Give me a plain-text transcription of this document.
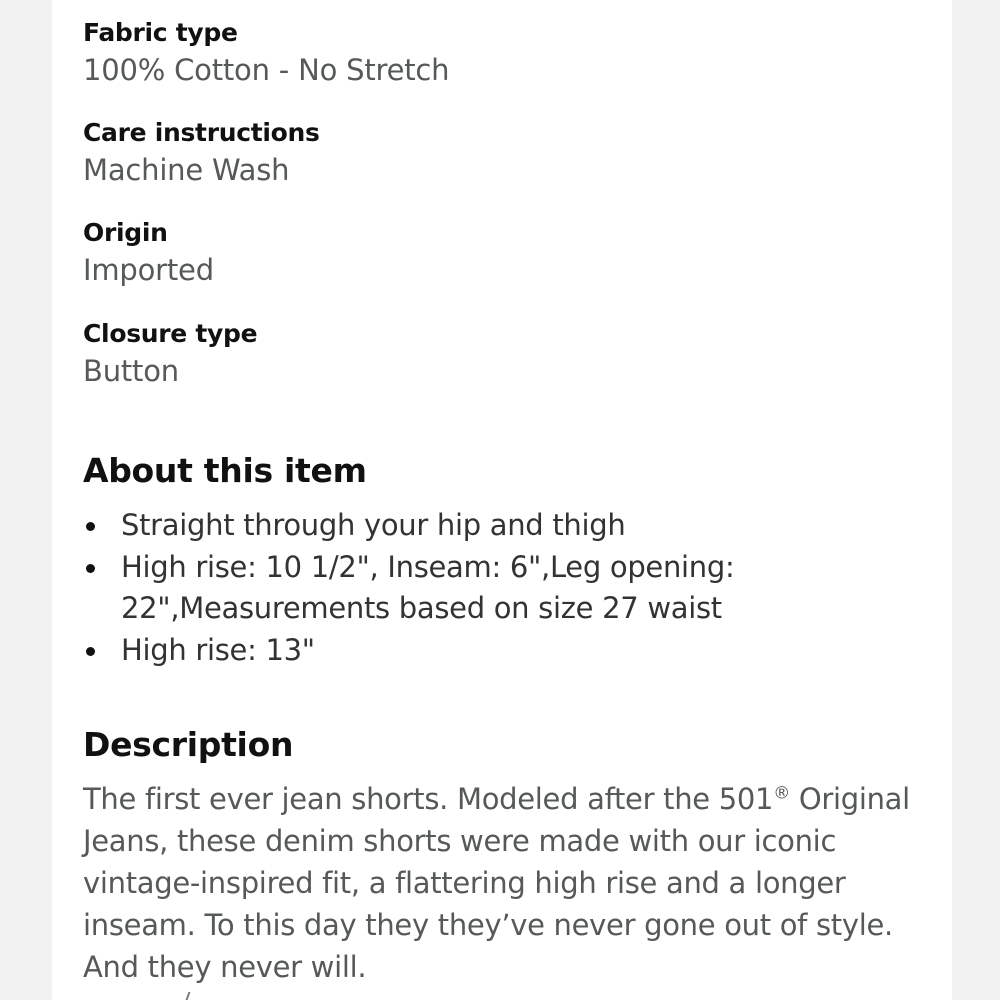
Fabric type
100% Cotton - No Stretch
Care instructions
Machine Wash
Origin
Imported
Closure type
Button
About this item
Straight through your hip and thigh
High rise: 10 1/2", Inseam: 6",Leg opening: 22",Measurements based on size 27 waist
High rise: 13"
Description
The first ever jean shorts. Modeled after the 501® Original Jeans, these denim shorts were made with our iconic vintage-inspired fit, a flattering high rise and a longer inseam. To this day they they’ve never gone out of style. And they never will.
